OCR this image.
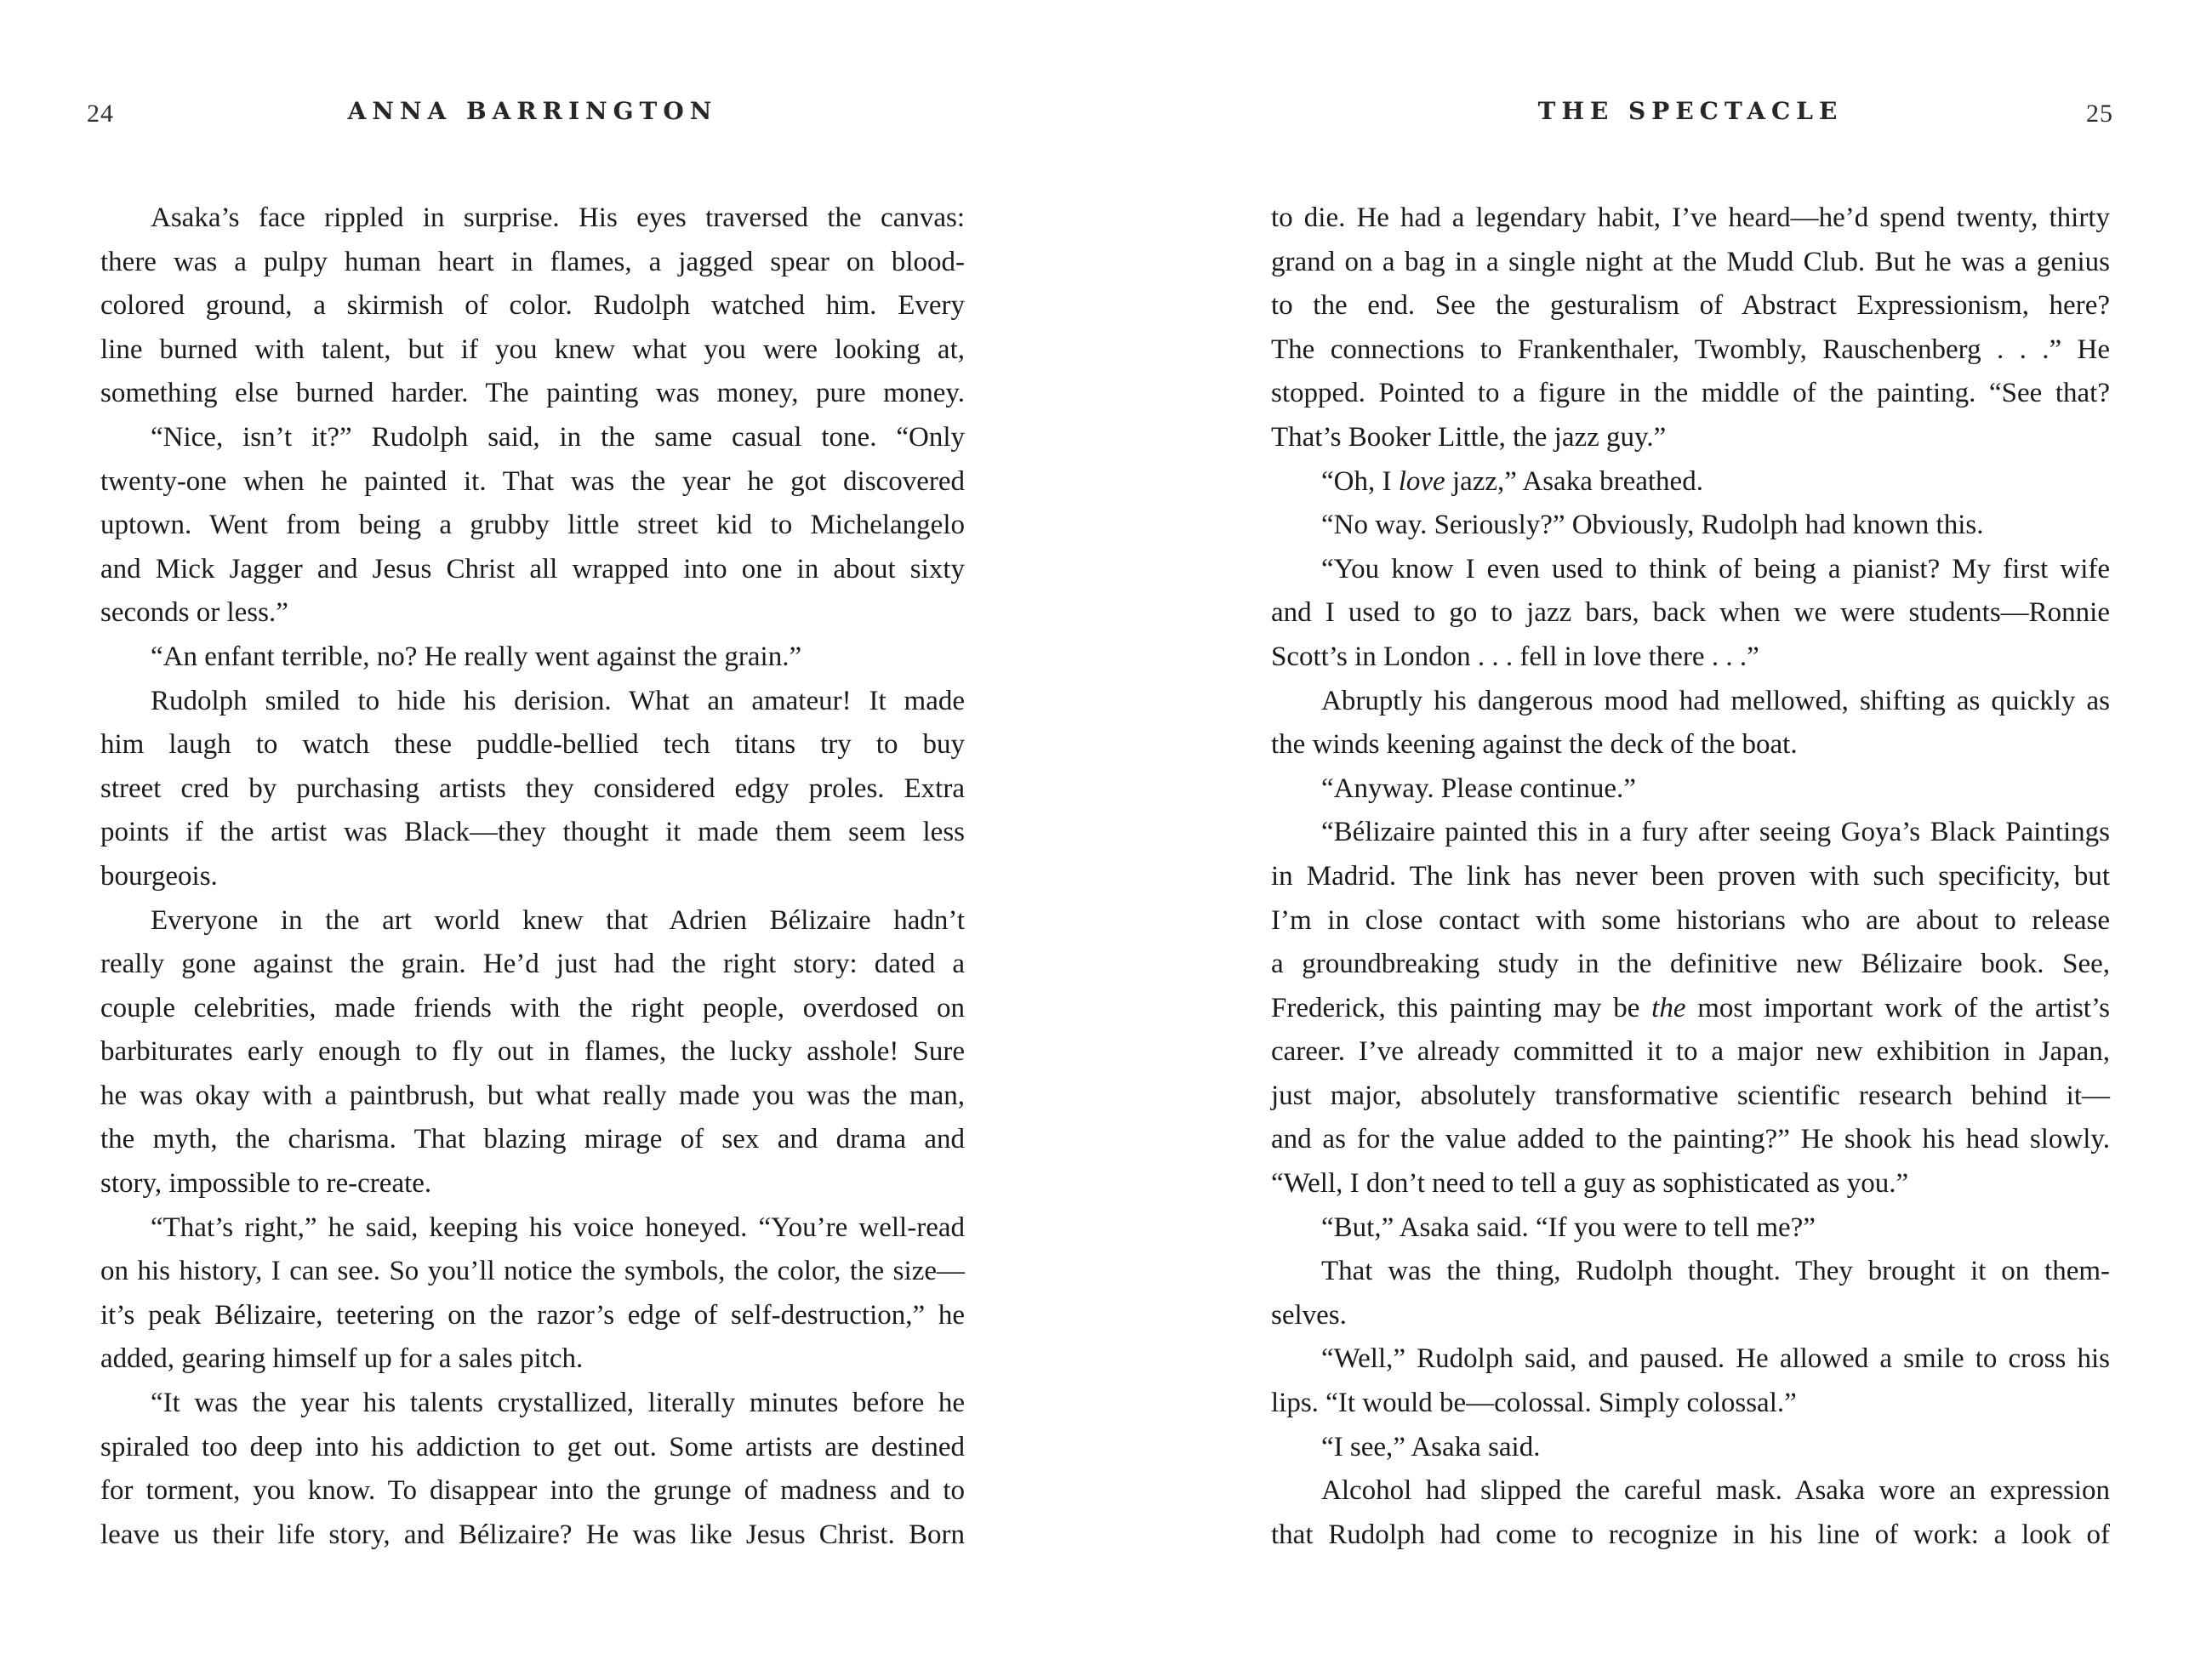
24	ANNA BARRINGTON
Asaka’s face rippled in surprise. His eyes traversed the canvas:
there was a pulpy human heart in flames, a jagged spear on blood-
colored ground, a skirmish of color. Rudolph watched him. Every
line burned with talent, but if you knew what you were looking at,
something else burned harder. The painting was money, pure money.
“Nice, isn’t it?” Rudolph said, in the same casual tone. “Only
twenty-one when he painted it. That was the year he got discovered
uptown. Went from being a grubby little street kid to Michelangelo
and Mick Jagger and Jesus Christ all wrapped into one in about sixty
seconds or less.”
“An enfant terrible, no? He really went against the grain.”
Rudolph smiled to hide his derision. What an amateur! It made
him laugh to watch these puddle-bellied tech titans try to buy
street cred by purchasing artists they considered edgy proles. Extra
points if the artist was Black—they thought it made them seem less
bourgeois.
Everyone in the art world knew that Adrien Bélizaire hadn’t
really gone against the grain. He’d just had the right story: dated a
couple celebrities, made friends with the right people, overdosed on
barbiturates early enough to fly out in flames, the lucky asshole! Sure
he was okay with a paintbrush, but what really made you was the man,
the myth, the charisma. That blazing mirage of sex and drama and
story, impossible to re-create.
“That’s right,” he said, keeping his voice honeyed. “You’re well-read
on his history, I can see. So you’ll notice the symbols, the color, the size—
it’s peak Bélizaire, teetering on the razor’s edge of self-destruction,” he
added, gearing himself up for a sales pitch.
“It was the year his talents crystallized, literally minutes before he
spiraled too deep into his addiction to get out. Some artists are destined
for torment, you know. To disappear into the grunge of madness and to
leave us their life story, and Bélizaire? He was like Jesus Christ. Born
THE SPECTACLE	25
to die. He had a legendary habit, I’ve heard—he’d spend twenty, thirty
grand on a bag in a single night at the Mudd Club. But he was a genius
to the end. See the gesturalism of Abstract Expressionism, here?
The connections to Frankenthaler, Twombly, Rauschenberg . . .” He
stopped. Pointed to a figure in the middle of the painting. “See that?
That’s Booker Little, the jazz guy.”
“Oh, I love jazz,” Asaka breathed.
“No way. Seriously?” Obviously, Rudolph had known this.
“You know I even used to think of being a pianist? My first wife
and I used to go to jazz bars, back when we were students—Ronnie
Scott’s in London . . . fell in love there . . .”
Abruptly his dangerous mood had mellowed, shifting as quickly as
the winds keening against the deck of the boat.
“Anyway. Please continue.”
“Bélizaire painted this in a fury after seeing Goya’s Black Paintings
in Madrid. The link has never been proven with such specificity, but
I’m in close contact with some historians who are about to release
a groundbreaking study in the definitive new Bélizaire book. See,
Frederick, this painting may be the most important work of the artist’s
career. I’ve already committed it to a major new exhibition in Japan,
just major, absolutely transformative scientific research behind it—
and as for the value added to the painting?” He shook his head slowly.
“Well, I don’t need to tell a guy as sophisticated as you.”
“But,” Asaka said. “If you were to tell me?”
That was the thing, Rudolph thought. They brought it on them-
selves.
“Well,” Rudolph said, and paused. He allowed a smile to cross his
lips. “It would be—colossal. Simply colossal.”
“I see,” Asaka said.
Alcohol had slipped the careful mask. Asaka wore an expression
that Rudolph had come to recognize in his line of work: a look of
